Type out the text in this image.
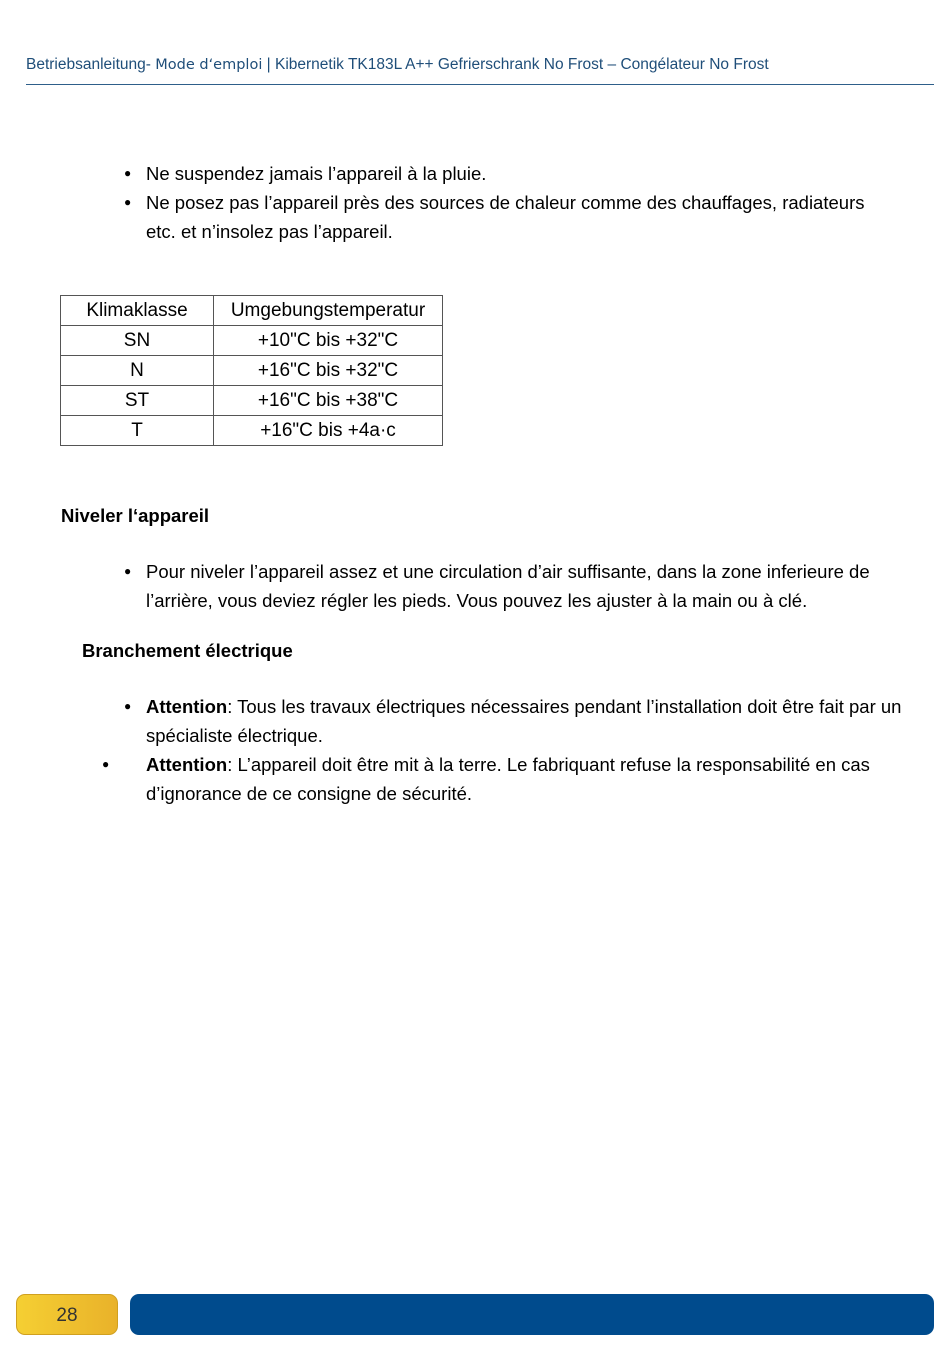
Betriebsanleitung- Mode d‘emploi | Kibernetik TK183L A++ Gefrierschrank No Frost – Congélateur No Frost
● Ne suspendez jamais l’appareil à la pluie.
● Ne posez pas l’appareil près des sources de chaleur comme des chauffages, radiateurs etc. et n’insolez pas l’appareil.
Klimaklasse	Umgebungstemperatur
SN	+10"C bis +32"C
N	+16"C bis +32"C
ST	+16"C bis +38"C
T	+16"C bis +4a·c
Niveler l‘appareil
● Pour niveler l’appareil assez et une circulation d’air suffisante, dans la zone inferieure de l’arrière, vous deviez régler les pieds. Vous pouvez les ajuster à la main ou à clé.
Branchement électrique
● Attention: Tous les travaux électriques nécessaires pendant l’installation doit être fait par un spécialiste électrique.
● Attention: L’appareil doit être mit à la terre. Le fabriquant refuse la responsabilité en cas d’ignorance de ce consigne de sécurité.
28
